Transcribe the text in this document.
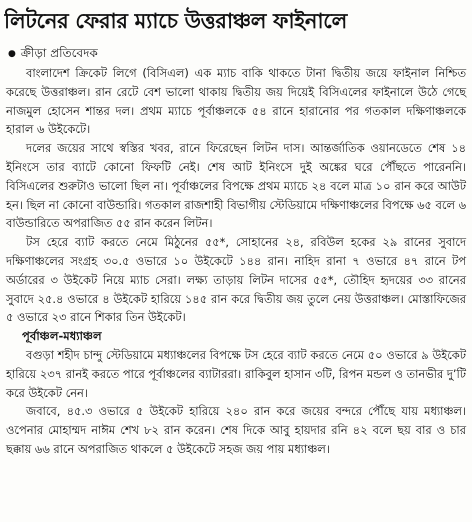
লিটনের ফেরার ম্যাচে উত্তরাঞ্চল ফাইনালে
● ক্রীড়া প্রতিবেদক

বাংলাদেশ ক্রিকেট লিগে (বিসিএল) এক ম্যাচ বাকি থাকতে টানা দ্বিতীয় জয়ে ফাইনাল নিশ্চিত করেছে উত্তরাঞ্চল। রান রেটে বেশ ভালো থাকায় দ্বিতীয় জয় দিয়েই বিসিএলের ফাইনালে উঠে গেছে নাজমুল হোসেন শান্তর দল। প্রথম ম্যাচে পূর্বাঞ্চলকে ৫৪ রানে হারানোর পর গতকাল দক্ষিণাঞ্চলকে হারাল ৬ উইকেটে।

দলের জয়ের সাথে স্বস্তির খবর, রানে ফিরেছেন লিটন দাস। আন্তর্জাতিক ওয়ানডেতে শেষ ১৪ ইনিংসে তার ব্যাটে কোনো ফিফটি নেই। শেষ আট ইনিংসে দুই অঙ্কের ঘরে পৌঁছতে পারেননি। বিসিএলের শুরুটাও ভালো ছিল না। পূর্বাঞ্চলের বিপক্ষে প্রথম ম্যাচে ২৪ বলে মাত্র ১০ রান করে আউট হন। ছিল না কোনো বাউন্ডারি। গতকাল রাজশাহী বিভাগীয় স্টেডিয়ামে দক্ষিণাঞ্চলের বিপক্ষে ৬৫ বলে ৬ বাউন্ডারিতে অপরাজিত ৫৫ রান করেন লিটন।

টস হেরে ব্যাট করতে নেমে মিঠুনের ৫৫*, সোহানের ২৪, রবিউল হকের ২৯ রানের সুবাদে দক্ষিণাঞ্চলের সংগ্রহ ৩০.৫ ওভারে ১০ উইকেটে ১৪৪ রান। নাহিদ রানা ৭ ওভারে ৪৭ রানে টপ অর্ডারের ৩ উইকেট নিয়ে ম্যাচ সেরা। লক্ষ্য তাড়ায় লিটন দাসের ৫৫*, তৌহিদ হৃদয়ের ৩৩ রানের সুবাদে ২৫.৪ ওভারে ৪ উইকেট হারিয়ে ১৪৫ রান করে দ্বিতীয় জয় তুলে নেয় উত্তরাঞ্চল। মোস্তাফিজের ৫ ওভারে ২৩ রানে শিকার তিন উইকেট।

পূর্বাঞ্চল-মধ্যাঞ্চল

বগুড়া শহীদ চান্দু স্টেডিয়ামে মধ্যাঞ্চলের বিপক্ষে টস হেরে ব্যাট করতে নেমে ৫০ ওভারে ৯ উইকেট হারিয়ে ২৩৭ রানই করতে পারে পূর্বাঞ্চলের ব্যাটাররা। রাকিবুল হাসান ৩টি, রিপন মন্ডল ও তানভীর দু’টি করে উইকেট নেন।

জবাবে, ৪৫.৩ ওভারে ৫ উইকেট হারিয়ে ২৪০ রান করে জয়ের বন্দরে পৌঁছে যায় মধ্যাঞ্চল। ওপেনার মোহাম্মদ নাঈম শেখ ৮২ রান করেন। শেষ দিকে আবু হায়দার রনি ৪২ বলে ছয় বার ও চার ছক্কায় ৬৬ রানে অপরাজিত থাকলে ৫ উইকেটে সহজ জয় পায় মধ্যাঞ্চল।
